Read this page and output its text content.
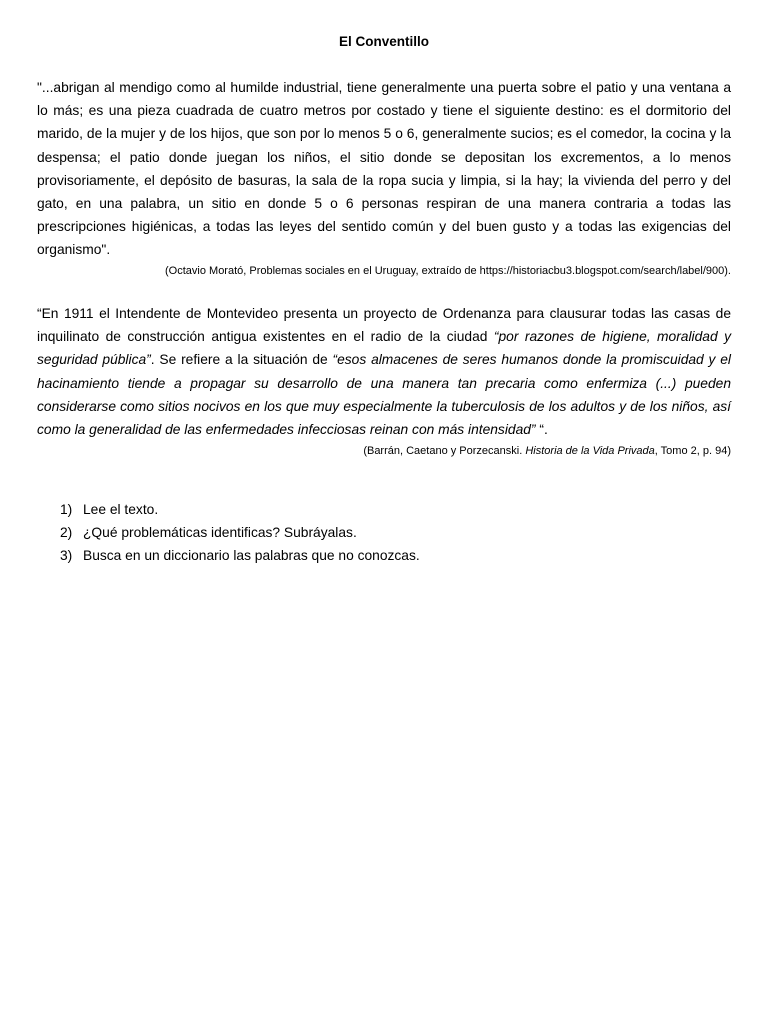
El Conventillo

"...abrigan al mendigo como al humilde industrial, tiene generalmente una puerta sobre el patio y una ventana a lo más; es una pieza cuadrada de cuatro metros por costado y tiene el siguiente destino: es el dormitorio del marido, de la mujer y de los hijos, que son por lo menos 5 o 6, generalmente sucios; es el comedor, la cocina y la despensa; el patio donde juegan los niños, el sitio donde se depositan los excrementos, a lo menos provisoriamente, el depósito de basuras, la sala de la ropa sucia y limpia, si la hay; la vivienda del perro y del gato, en una palabra, un sitio en donde 5 o 6 personas respiran de una manera contraria a todas las prescripciones higiénicas, a todas las leyes del sentido común y del buen gusto y a todas las exigencias del organismo".

(Octavio Morató, Problemas sociales en el Uruguay, extraído de https://historiacbu3.blogspot.com/search/label/900).

“En 1911 el Intendente de Montevideo presenta un proyecto de Ordenanza para clausurar todas las casas de inquilinato de construcción antigua existentes en el radio de la ciudad “por razones de higiene, moralidad y seguridad pública”. Se refiere a la situación de “esos almacenes de seres humanos donde la promiscuidad y el hacinamiento tiende a propagar su desarrollo de una manera tan precaria como enfermiza (...) pueden considerarse como sitios nocivos en los que muy especialmente la tuberculosis de los adultos y de los niños, así como la generalidad de las enfermedades infecciosas reinan con más intensidad” “.

(Barrán, Caetano y Porzecanski. Historia de la Vida Privada, Tomo 2, p. 94)

1) Lee el texto.
2) ¿Qué problemáticas identificas? Subráyalas.
3) Busca en un diccionario las palabras que no conozcas.
